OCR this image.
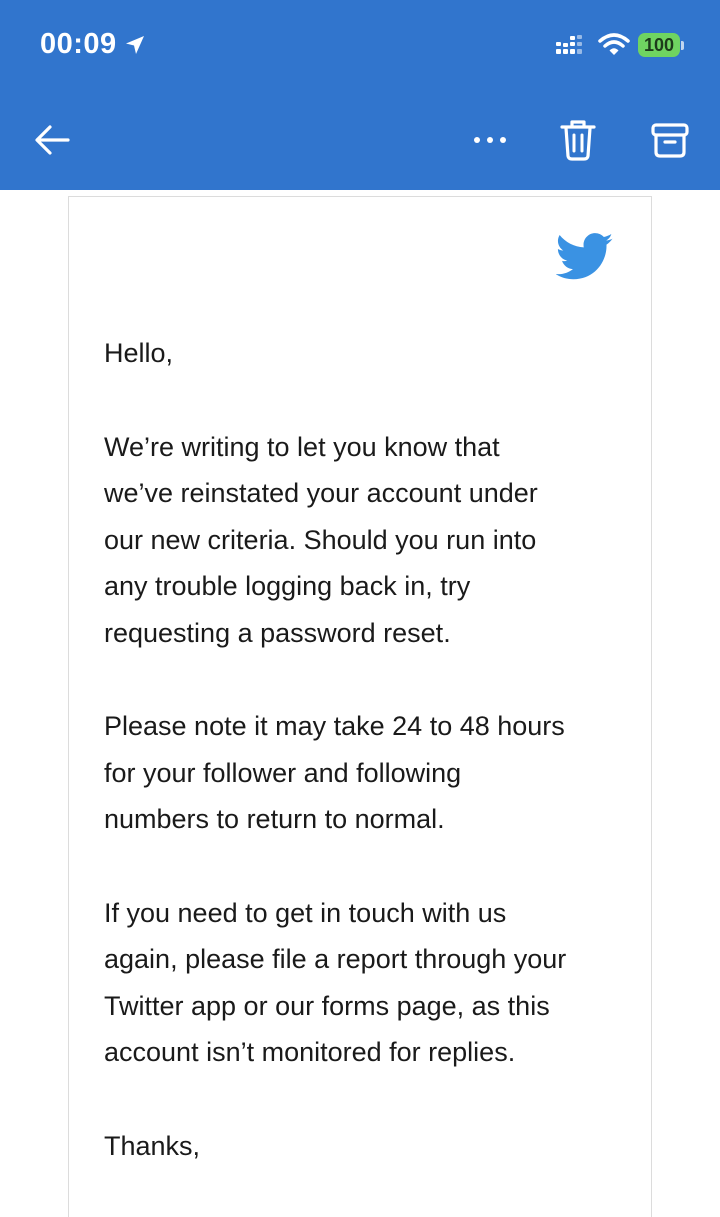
00:09	100

Hello,

We’re writing to let you know that
we’ve reinstated your account under
our new criteria. Should you run into
any trouble logging back in, try
requesting a password reset.

Please note it may take 24 to 48 hours
for your follower and following
numbers to return to normal.

If you need to get in touch with us
again, please file a report through your
Twitter app or our forms page, as this
account isn’t monitored for replies.

Thanks,
